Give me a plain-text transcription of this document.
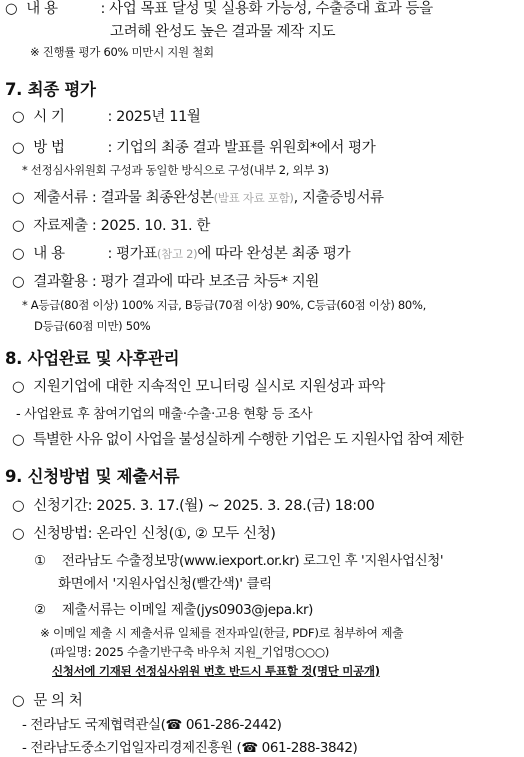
○ 내 용	: 사업 목표 달성 및 실용화 가능성, 수출증대 효과 등을
고려해 완성도 높은 결과물 제작 지도
※ 진행률 평가 60% 미만시 지원 철회
7. 최종 평가
○ 시 기	: 2025년 11월
○ 방 법	: 기업의 최종 결과 발표를 위원회*에서 평가
* 선정심사위원회 구성과 동일한 방식으로 구성(내부 2, 외부 3)
○ 제출서류 : 결과물 최종완성본(발표 자료 포함), 지출증빙서류
○ 자료제출 : 2025. 10. 31. 한
○ 내 용	: 평가표(참고 2)에 따라 완성본 최종 평가
○ 결과활용 : 평가 결과에 따라 보조금 차등* 지원
* A등급(80점 이상) 100% 지급, B등급(70점 이상) 90%, C등급(60점 이상) 80%,
D등급(60점 미만) 50%
8. 사업완료 및 사후관리
○ 지원기업에 대한 지속적인 모니터링 실시로 지원성과 파악
- 사업완료 후 참여기업의 매출·수출·고용 현황 등 조사
○ 특별한 사유 없이 사업을 불성실하게 수행한 기업은 도 지원사업 참여 제한
9. 신청방법 및 제출서류
○ 신청기간: 2025. 3. 17.(월) ~ 2025. 3. 28.(금) 18:00
○ 신청방법: 온라인 신청(①, ② 모두 신청)
① 전라남도 수출정보망(www.iexport.or.kr) 로그인 후 '지원사업신청'
화면에서 '지원사업신청(빨간색)' 클릭
② 제출서류는 이메일 제출(jys0903@jepa.kr)
※ 이메일 제출 시 제출서류 일체를 전자파일(한글, PDF)로 첨부하여 제출
(파일명: 2025 수출기반구축 바우처 지원_기업명○○○)
신청서에 기재된 선정심사위원 번호 반드시 투표할 것(명단 미공개)
○ 문 의 처
- 전라남도 국제협력관실(☎ 061-286-2442)
- 전라남도중소기업일자리경제진흥원 (☎ 061-288-3842)
